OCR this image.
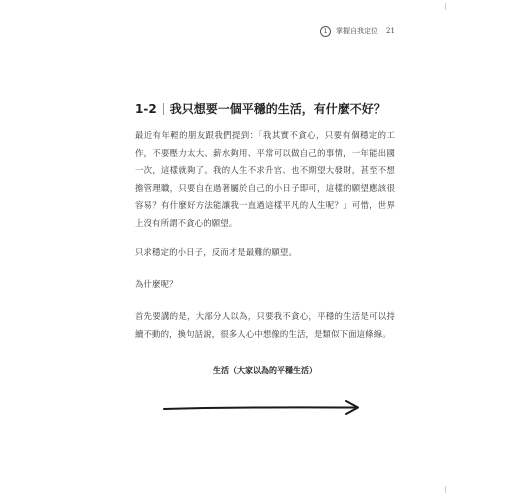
1	掌握自我定位 21
1-2 我只想要一個平穩的生活，有什麼不好？

最近有年輕的朋友跟我們提到：「我其實不貪心，只要有個穩定的工作，不要壓力太大、薪水夠用、平常可以做自己的事情，一年能出國一次，這樣就夠了。我的人生不求升官、也不期望大發財，甚至不想擔管理職，只要自在過著屬於自己的小日子即可，這樣的願望應該很容易？有什麼好方法能讓我一直過這樣平凡的人生呢？」可惜，世界上沒有所謂不貪心的願望。

只求穩定的小日子，反而才是最難的願望。

為什麼呢？

首先要講的是，大部分人以為，只要我不貪心，平穩的生活是可以持續不動的，換句話說，很多人心中想像的生活，是類似下面這條線。

生活（大家以為的平穩生活）
